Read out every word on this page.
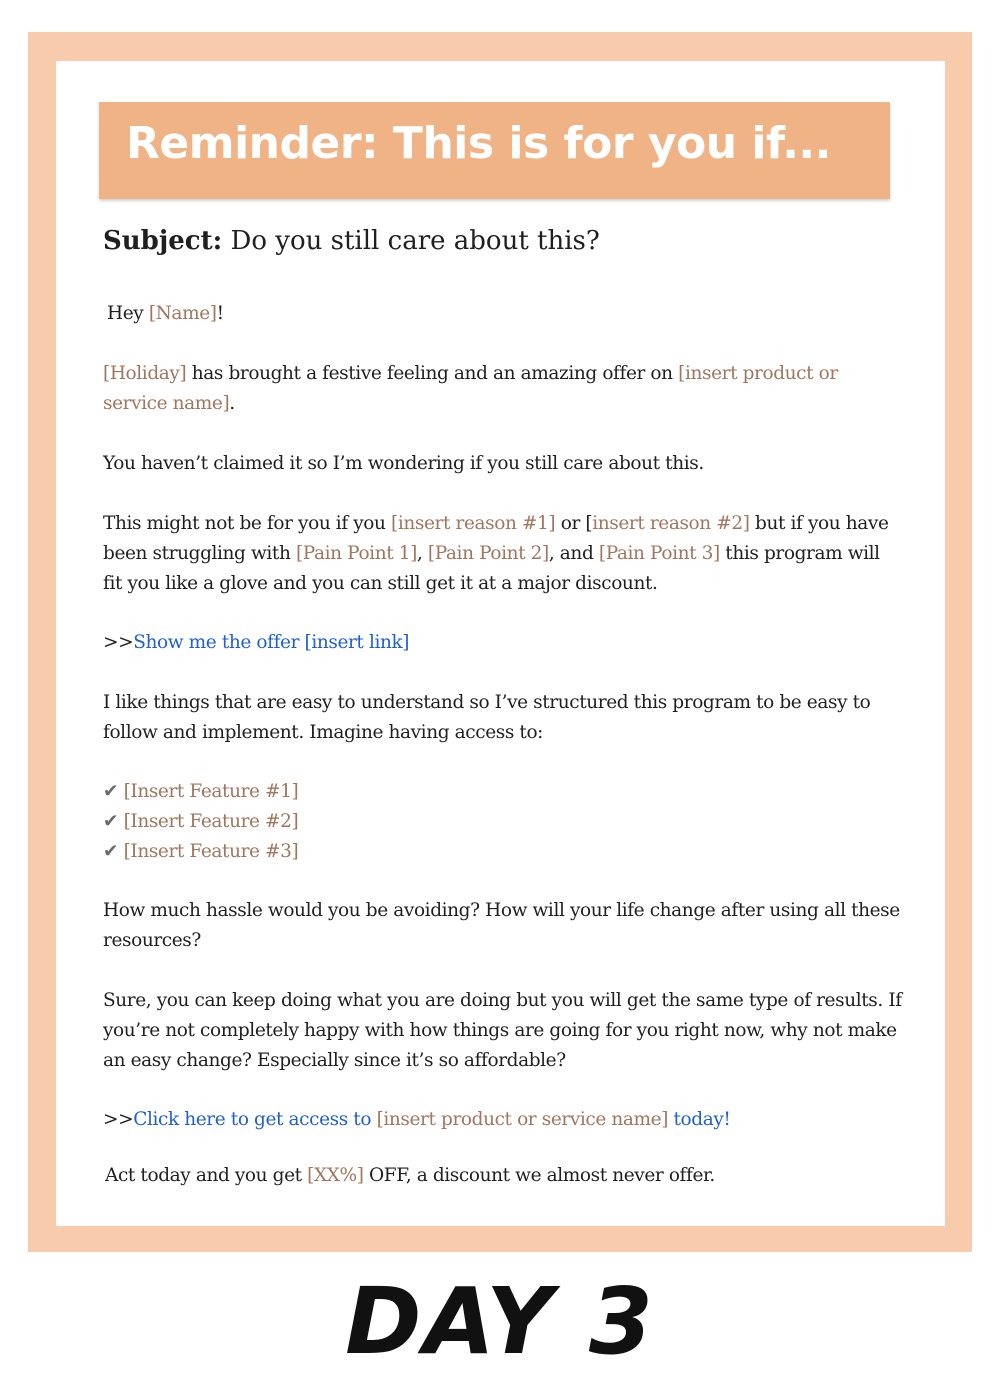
Reminder: This is for you if...
Subject: Do you still care about this?
Hey [Name]!
[Holiday] has brought a festive feeling and an amazing offer on [insert product or service name].
You haven’t claimed it so I’m wondering if you still care about this.
This might not be for you if you [insert reason #1] or [insert reason #2] but if you have been struggling with [Pain Point 1], [Pain Point 2], and [Pain Point 3] this program will fit you like a glove and you can still get it at a major discount.
>>Show me the offer [insert link]
I like things that are easy to understand so I’ve structured this program to be easy to follow and implement. Imagine having access to:
✔ [Insert Feature #1]
✔ [Insert Feature #2]
✔ [Insert Feature #3]
How much hassle would you be avoiding? How will your life change after using all these resources?
Sure, you can keep doing what you are doing but you will get the same type of results. If you’re not completely happy with how things are going for you right now, why not make an easy change? Especially since it’s so affordable?
>>Click here to get access to [insert product or service name] today!
Act today and you get [XX%] OFF, a discount we almost never offer.
DAY 3
